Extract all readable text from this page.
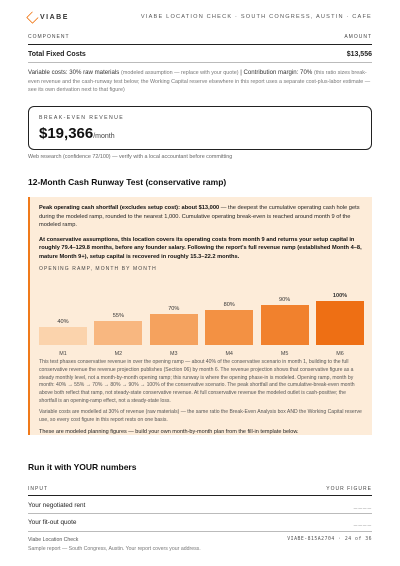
VIABE	VIABE LOCATION CHECK · SOUTH CONGRESS, AUSTIN · CAFE
COMPONENT	AMOUNT
Total Fixed Costs	$13,556
Variable costs: 30% raw materials (modeled assumption — replace with your quote) | Contribution margin: 70% (this ratio sizes break-even revenue and the cash-runway test below; the Working Capital reserve elsewhere in this report uses a separate cost-plus-labor estimate — see its own derivation next to that figure)
BREAK-EVEN REVENUE
$19,366/month
Web research (confidence 72/100) — verify with a local accountant before committing
12-Month Cash Runway Test (conservative ramp)
Peak operating cash shortfall (excludes setup cost): about $13,000 — the deepest the cumulative operating cash hole gets during the modeled ramp, rounded to the nearest 1,000. Cumulative operating break-even is reached around month 9 of the modeled ramp.
At conservative assumptions, this location covers its operating costs from month 9 and returns your setup capital in roughly 79.4–129.8 months, before any founder salary. Following the report's full revenue ramp (established Month 4–8, mature Month 9+), setup capital is recovered in roughly 15.3–22.2 months.
OPENING RAMP, MONTH BY MONTH
40%
M1
55%
M2
70%
M3
80%
M4
90%
M5
100%
M6
This test phases conservative revenue in over the opening ramp — about 40% of the conservative scenario in month 1, building to the full conservative revenue the revenue projection publishes (Section 06) by month 6. The revenue projection shows that conservative figure as a steady monthly level, not a month-by-month opening ramp; this runway is where the opening phase-in is modeled. Opening ramp, month by month: 40% → 55% → 70% → 80% → 90% → 100% of the conservative scenario. The peak shortfall and the cumulative-break-even month above both reflect that ramp, not steady-state conservative revenue. At full conservative revenue the modeled outlet is cash-positive; the shortfall is an opening-ramp effect, not a steady-state loss.
Variable costs are modelled at 30% of revenue (raw materials) — the same ratio the Break-Even Analysis box AND the Working Capital reserve use, so every cost figure in this report rests on one basis.
These are modeled planning figures — build your own month-by-month plan from the fill-in template below.
Run it with YOUR numbers
INPUT	YOUR FIGURE
Your negotiated rent	____
Your fit-out quote	____
Viabe Location Check	VIABE-815A2704 · 24 of 36
Sample report — South Congress, Austin. Your report covers your address.
